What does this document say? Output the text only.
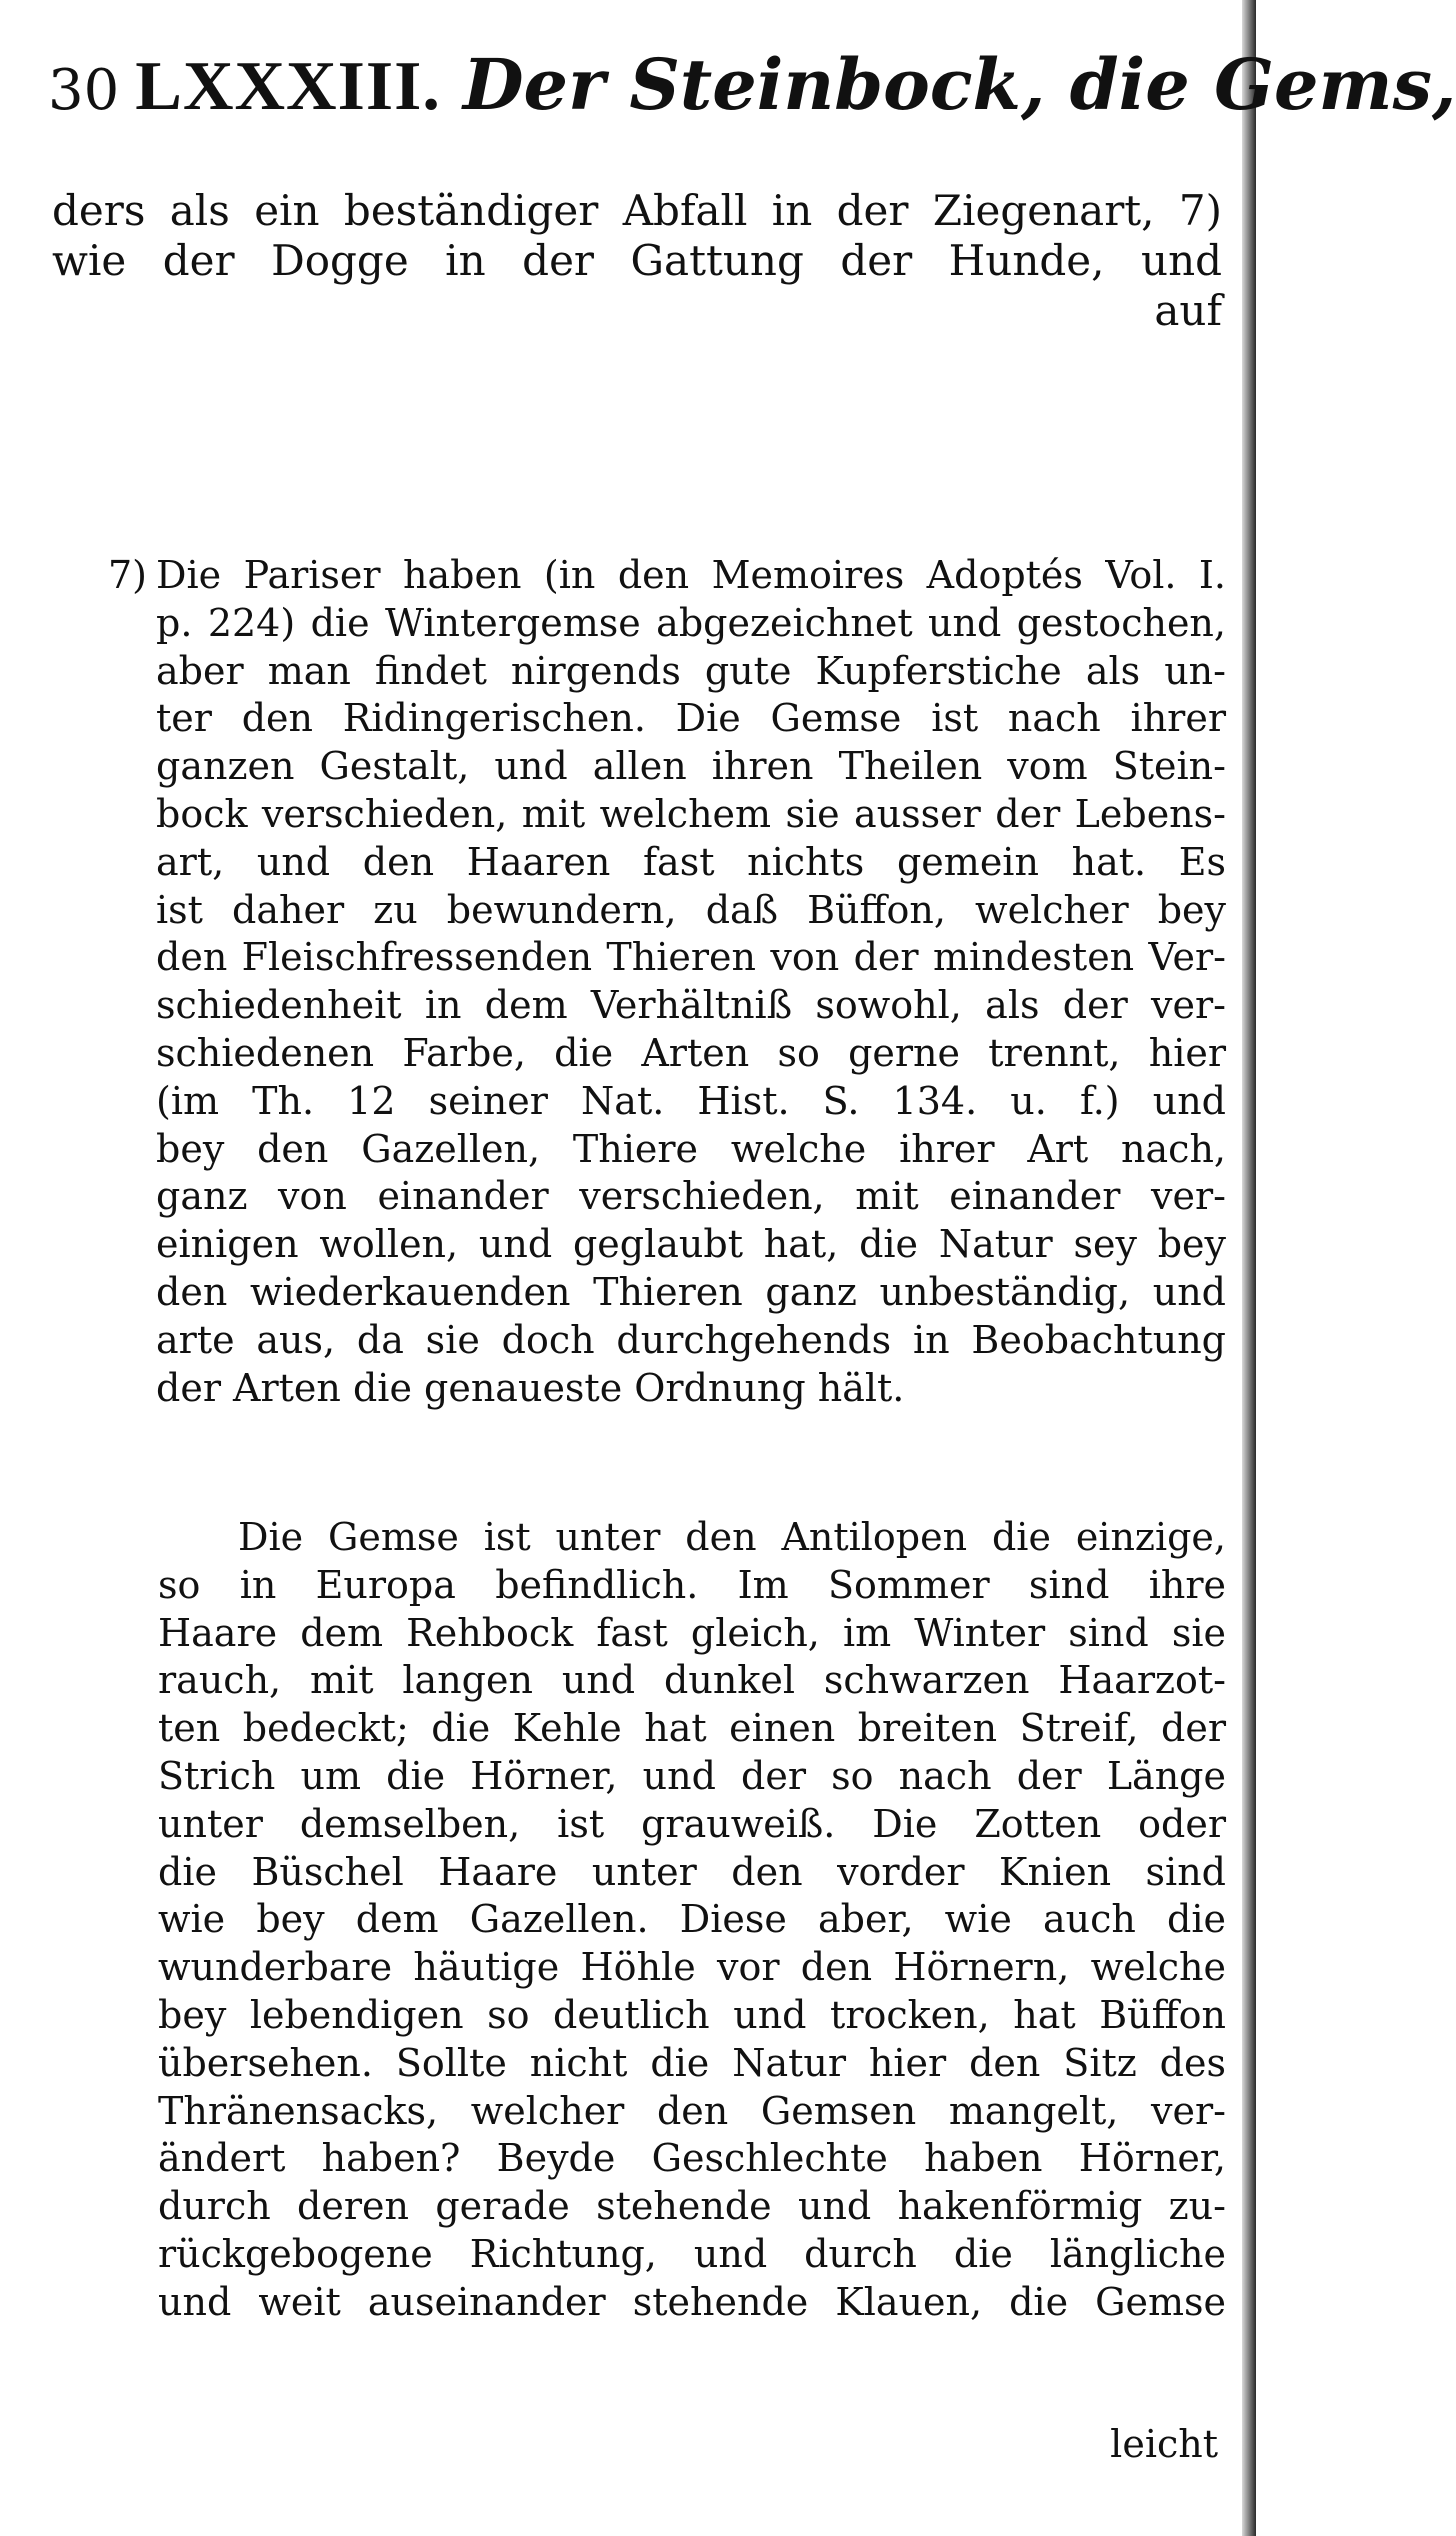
30 LXXXIII. Der Steinbock, die Gems,
ders als ein beständiger Abfall in der Ziegenart, 7)
wie der Dogge in der Gattung der Hunde, und
auf
7) Die Pariser haben (in den Memoires Adoptés Vol. I.
p. 224) die Wintergemse abgezeichnet und gestochen,
aber man findet nirgends gute Kupferstiche als un-
ter den Ridingerischen. Die Gemse ist nach ihrer
ganzen Gestalt, und allen ihren Theilen vom Stein-
bock verschieden, mit welchem sie ausser der Lebens-
art, und den Haaren fast nichts gemein hat. Es
ist daher zu bewundern, daß Büffon, welcher bey
den Fleischfressenden Thieren von der mindesten Ver-
schiedenheit in dem Verhältniß sowohl, als der ver-
schiedenen Farbe, die Arten so gerne trennt, hier
(im Th. 12 seiner Nat. Hist. S. 134. u. f.) und
bey den Gazellen, Thiere welche ihrer Art nach,
ganz von einander verschieden, mit einander ver-
einigen wollen, und geglaubt hat, die Natur sey bey
den wiederkauenden Thieren ganz unbeständig, und
arte aus, da sie doch durchgehends in Beobachtung
der Arten die genaueste Ordnung hält.
Die Gemse ist unter den Antilopen die einzige,
so in Europa befindlich. Im Sommer sind ihre
Haare dem Rehbock fast gleich, im Winter sind sie
rauch, mit langen und dunkel schwarzen Haarzot-
ten bedeckt; die Kehle hat einen breiten Streif, der
Strich um die Hörner, und der so nach der Länge
unter demselben, ist grauweiß. Die Zotten oder
die Büschel Haare unter den vorder Knien sind
wie bey dem Gazellen. Diese aber, wie auch die
wunderbare häutige Höhle vor den Hörnern, welche
bey lebendigen so deutlich und trocken, hat Büffon
übersehen. Sollte nicht die Natur hier den Sitz des
Thränensacks, welcher den Gemsen mangelt, ver-
ändert haben? Beyde Geschlechte haben Hörner,
durch deren gerade stehende und hakenförmig zu-
rückgebogene Richtung, und durch die längliche
und weit auseinander stehende Klauen, die Gemse
leicht
